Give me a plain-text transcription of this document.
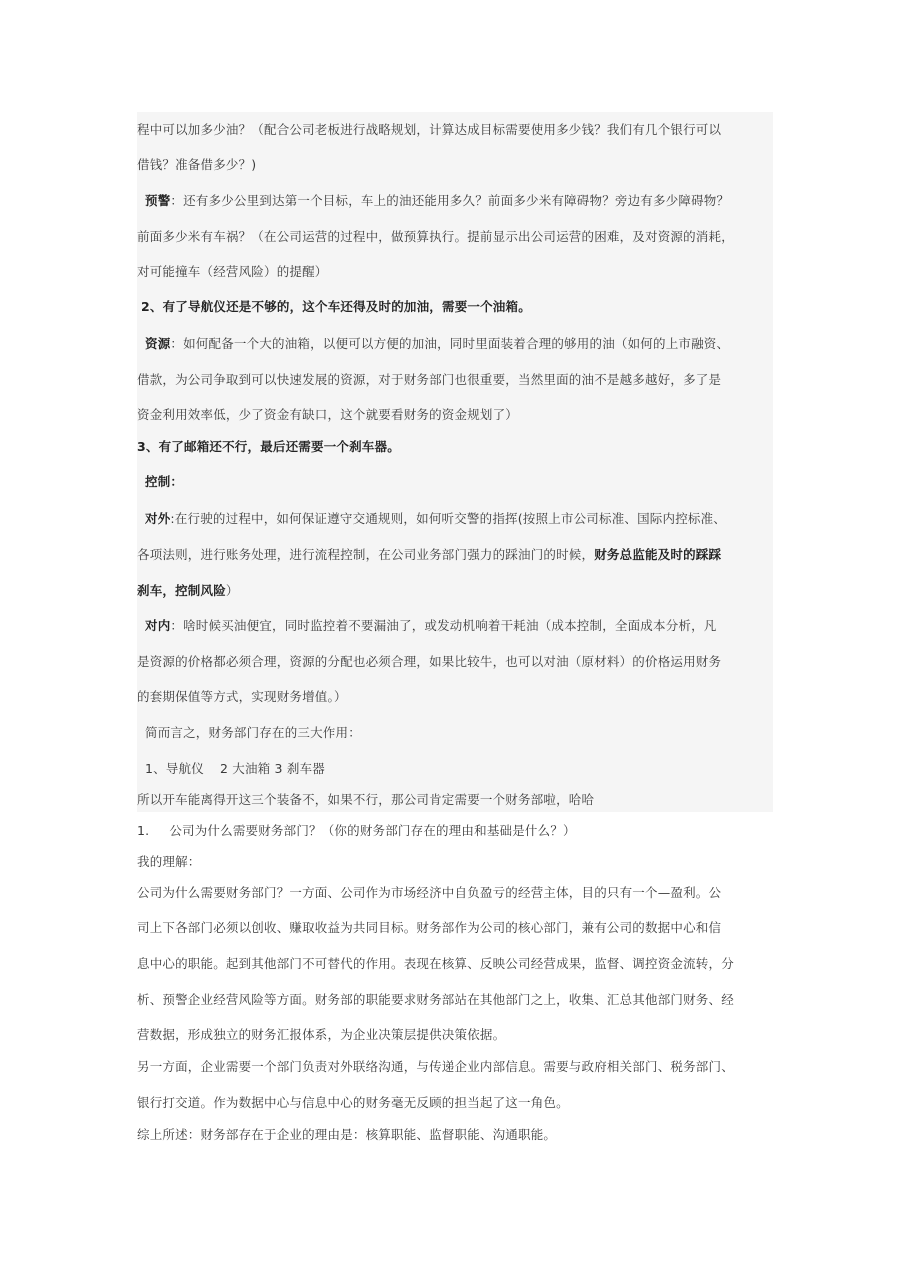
程中可以加多少油？（配合公司老板进行战略规划，计算达成目标需要使用多少钱？我们有几个银行可以
借钱？准备借多少？)
预警：还有多少公里到达第一个目标，车上的油还能用多久？前面多少米有障碍物？旁边有多少障碍物？
前面多少米有车祸？（在公司运营的过程中，做预算执行。提前显示出公司运营的困难，及对资源的消耗，
对可能撞车（经营风险）的提醒）
2、有了导航仪还是不够的，这个车还得及时的加油，需要一个油箱。
资源：如何配备一个大的油箱，以便可以方便的加油，同时里面装着合理的够用的油（如何的上市融资、
借款，为公司争取到可以快速发展的资源，对于财务部门也很重要，当然里面的油不是越多越好，多了是
资金利用效率低，少了资金有缺口，这个就要看财务的资金规划了）
3、有了邮箱还不行，最后还需要一个刹车器。
控制：
对外:在行驶的过程中，如何保证遵守交通规则，如何听交警的指挥(按照上市公司标准、国际内控标准、
各项法则，进行账务处理，进行流程控制，在公司业务部门强力的踩油门的时候，财务总监能及时的踩踩
刹车，控制风险）
对内：啥时候买油便宜，同时监控着不要漏油了，或发动机响着干耗油（成本控制，全面成本分析，凡
是资源的价格都必须合理，资源的分配也必须合理，如果比较牛，也可以对油（原材料）的价格运用财务
的套期保值等方式，实现财务增值。）
简而言之，财务部门存在的三大作用：
1、导航仪 2 大油箱 3 刹车器
所以开车能离得开这三个装备不，如果不行，那公司肯定需要一个财务部啦，哈哈
1. 公司为什么需要财务部门？（你的财务部门存在的理由和基础是什么？）
我的理解：
公司为什么需要财务部门？一方面、公司作为市场经济中自负盈亏的经营主体，目的只有一个—盈利。公
司上下各部门必须以创收、赚取收益为共同目标。财务部作为公司的核心部门，兼有公司的数据中心和信
息中心的职能。起到其他部门不可替代的作用。表现在核算、反映公司经营成果，监督、调控资金流转，分
析、预警企业经营风险等方面。财务部的职能要求财务部站在其他部门之上，收集、汇总其他部门财务、经
营数据，形成独立的财务汇报体系，为企业决策层提供决策依据。
另一方面，企业需要一个部门负责对外联络沟通，与传递企业内部信息。需要与政府相关部门、税务部门、
银行打交道。作为数据中心与信息中心的财务毫无反顾的担当起了这一角色。
综上所述：财务部存在于企业的理由是：核算职能、监督职能、沟通职能。
